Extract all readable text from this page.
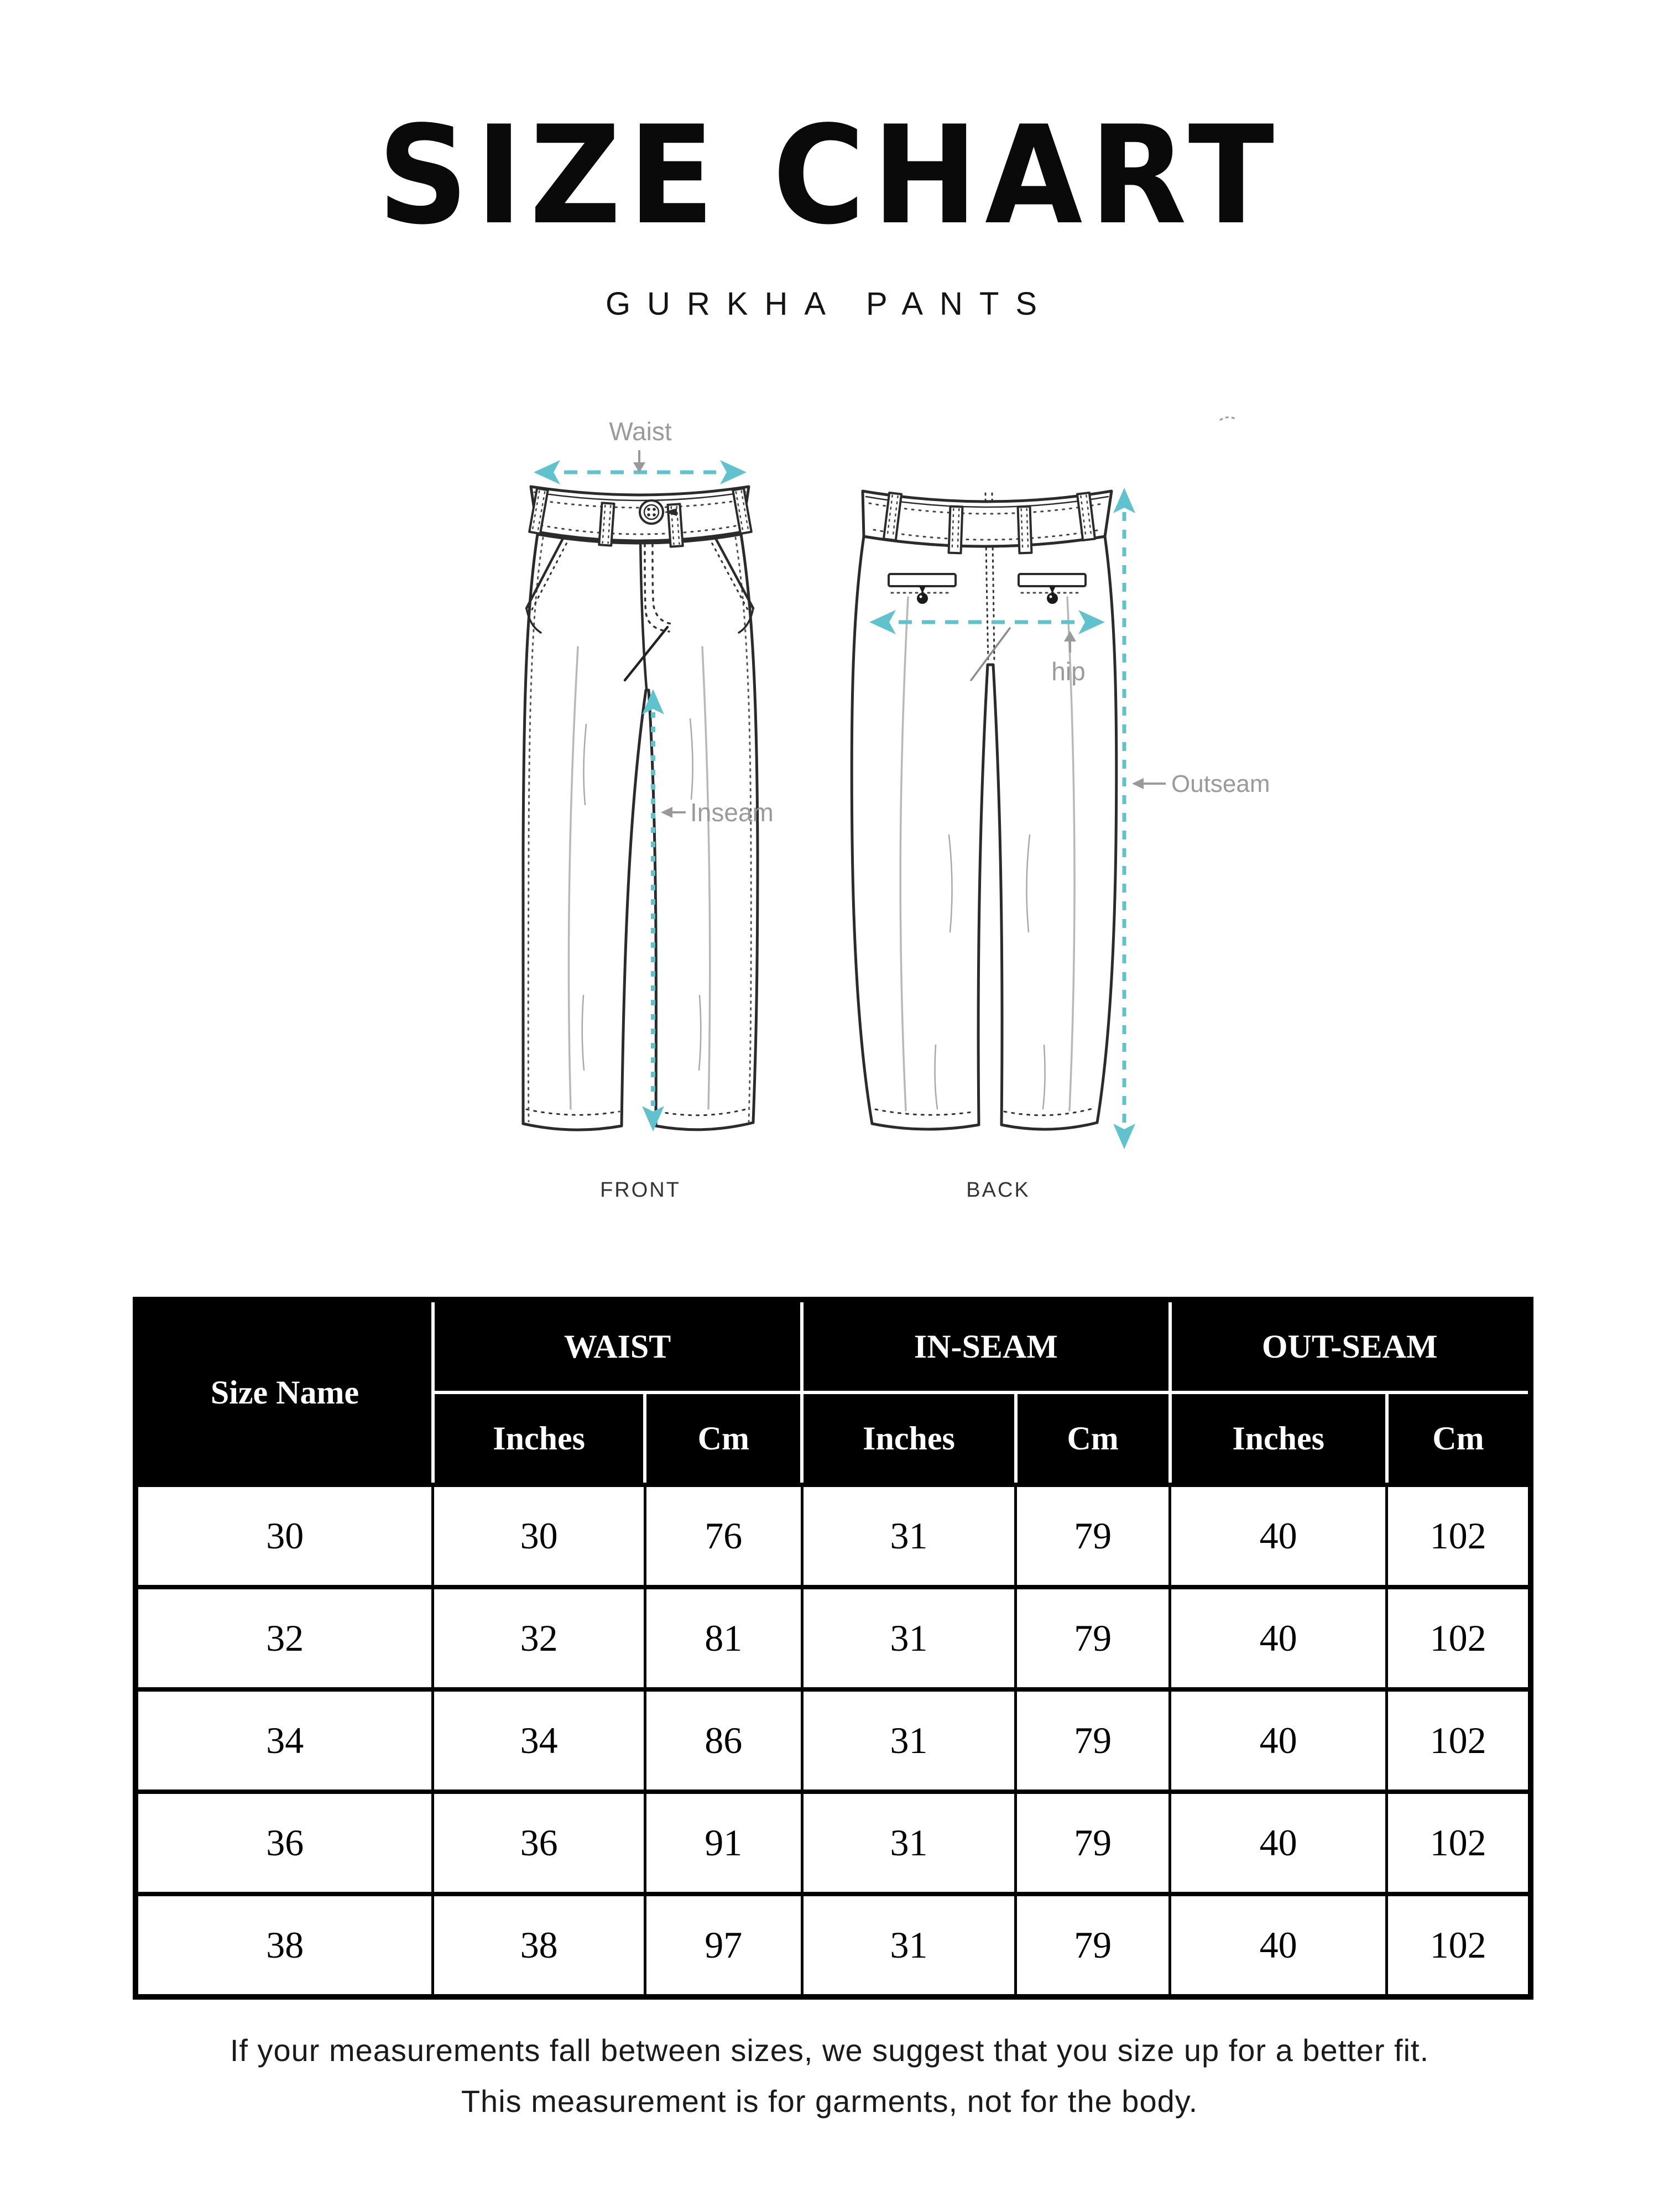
SIZE CHART
GURKHA PANTS
Waist
Inseam
hip
Outseam
FRONT	BACK
Size Name	WAIST		IN-SEAM		OUT-SEAM	
	Inches	Cm	Inches	Cm	Inches	Cm
30	30	76	31	79	40	102
32	32	81	31	79	40	102
34	34	86	31	79	40	102
36	36	91	31	79	40	102
38	38	97	31	79	40	102

If your measurements fall between sizes, we suggest that you size up for a better fit.

This measurement is for garments, not for the body.
